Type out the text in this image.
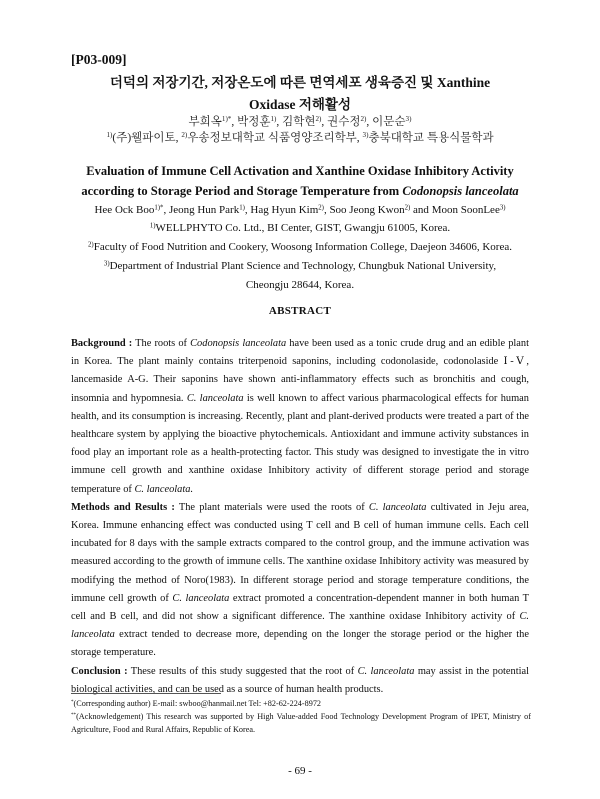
[P03-009]
더덕의 저장기간, 저장온도에 따른 면역세포 생육증진 및 Xanthine
Oxidase 저해활성
부희옥$^{1)*}$, 박정훈$^{1)}$, 김학현$^{2)}$, 권수정$^{2)}$, 이문순$^{3)}$
$^{1)}$(주)웰파이토, $^{2)}$우송정보대학교 식품영양조리학부, $^{3)}$충북대학교 특용식물학과
Evaluation of Immune Cell Activation and Xanthine Oxidase Inhibitory Activity
according to Storage Period and Storage Temperature from Codonopsis lanceolata
Hee Ock Boo$^{1)*}$, Jeong Hun Park$^{1)}$, Hag Hyun Kim$^{2)}$, Soo Jeong Kwon$^{2)}$ and Moon SoonLee$^{3)}$
$^{1)}$WELLPHYTO Co. Ltd., BI Center, GIST, Gwangju 61005, Korea.
$^{2)}$Faculty of Food Nutrition and Cookery, Woosong Information College, Daejeon 34606, Korea.
$^{3)}$Department of Industrial Plant Science and Technology, Chungbuk National University,
Cheongju 28644, Korea.
ABSTRACT

Background : The roots of Codonopsis lanceolata have been used as a tonic crude drug and an edible plant in Korea. The plant mainly contains triterpenoid saponins, including codonolaside, codonolaside Ⅰ-Ⅴ, lancemaside A-G. Their saponins have shown anti-inflammatory effects such as bronchitis and cough, insomnia and hypomnesia. C. lanceolata is well known to affect various pharmacological effects for human health, and its consumption is increasing. Recently, plant and plant-derived products were treated a part of the healthcare system by applying the bioactive phytochemicals. Antioxidant and immune activity substances in food play an important role as a health-protecting factor. This study was designed to investigate the in vitro immune cell growth and xanthine oxidase Inhibitory activity of different storage period and storage temperature of C. lanceolata.

Methods and Results : The plant materials were used the roots of C. lanceolata cultivated in Jeju area, Korea. Immune enhancing effect was conducted using T cell and B cell of human immune cells. Each cell incubated for 8 days with the sample extracts compared to the control group, and the immune activation was measured according to the growth of immune cells. The xanthine oxidase Inhibitory activity was measured by modifying the method of Noro(1983). In different storage period and storage temperature conditions, the immune cell growth of C. lanceolata extract promoted a concentration-dependent manner in both human T cell and B cell, and did not show a significant difference. The xanthine oxidase Inhibitory activity of C. lanceolata extract tended to decrease more, depending on the longer the storage period or the higher the storage temperature.

Conclusion : These results of this study suggested that the root of C. lanceolata may assist in the potential biological activities, and can be used as a source of human health products.

*(Corresponding author) E-mail: swboo@hanmail.net Tel: +82-62-224-8972

**(Acknowledgement) This research was supported by High Value-added Food Technology Development Program of IPET, Ministry of Agriculture, Food and Rural Affairs, Republic of Korea.

- 69 -
